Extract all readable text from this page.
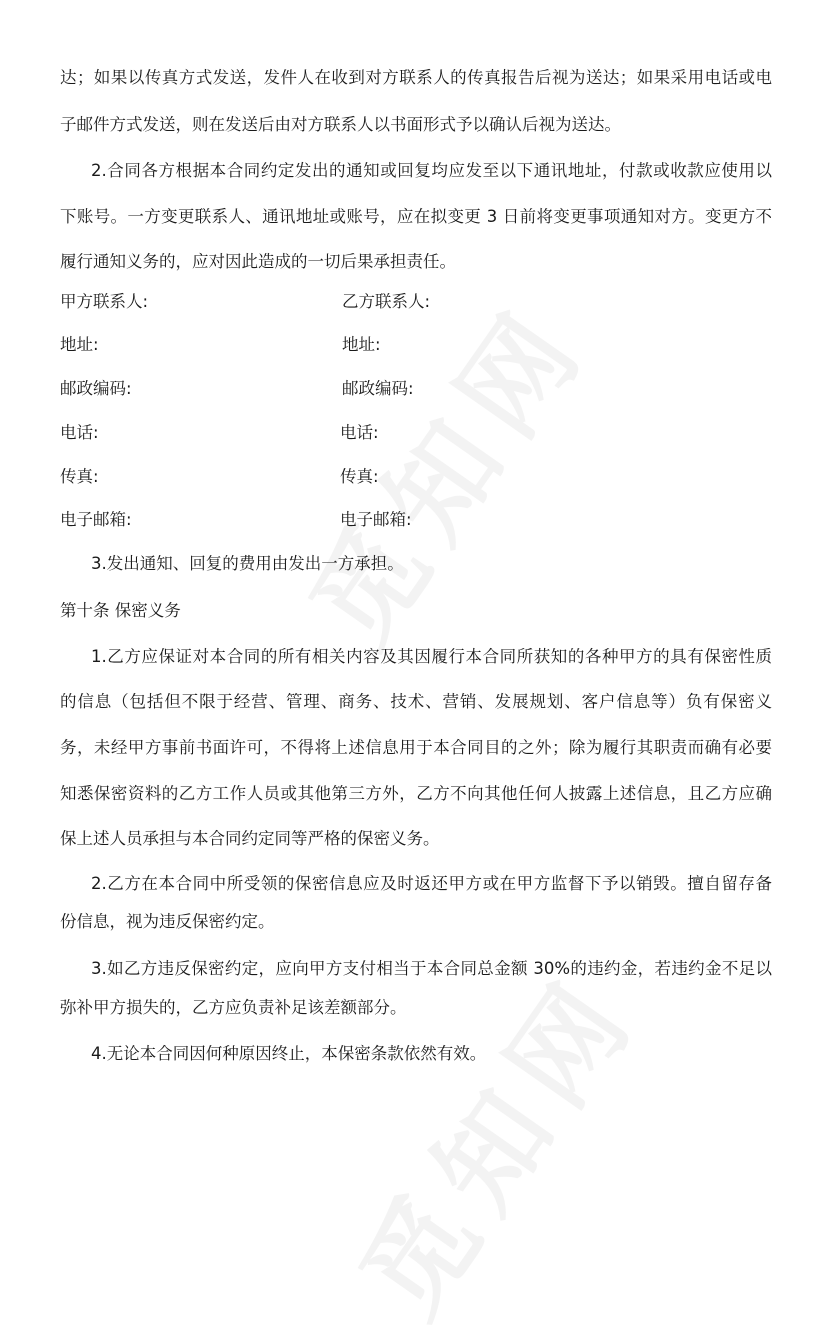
达；如果以传真方式发送，发件人在收到对方联系人的传真报告后视为送达；如果采用电话或电
子邮件方式发送，则在发送后由对方联系人以书面形式予以确认后视为送达。
2.合同各方根据本合同约定发出的通知或回复均应发至以下通讯地址，付款或收款应使用以
下账号。一方变更联系人、通讯地址或账号，应在拟变更 3 日前将变更事项通知对方。变更方不
履行通知义务的，应对因此造成的一切后果承担责任。
甲方联系人:
地址:
邮政编码:
电话:
传真:
电子邮箱:
乙方联系人:
地址:
邮政编码:
电话:
传真:
电子邮箱:
3.发出通知、回复的费用由发出一方承担。
第十条 保密义务
1.乙方应保证对本合同的所有相关内容及其因履行本合同所获知的各种甲方的具有保密性质
的信息（包括但不限于经营、管理、商务、技术、营销、发展规划、客户信息等）负有保密义
务，未经甲方事前书面许可，不得将上述信息用于本合同目的之外；除为履行其职责而确有必要
知悉保密资料的乙方工作人员或其他第三方外，乙方不向其他任何人披露上述信息，且乙方应确
保上述人员承担与本合同约定同等严格的保密义务。
2.乙方在本合同中所受领的保密信息应及时返还甲方或在甲方监督下予以销毁。擅自留存备
份信息，视为违反保密约定。
3.如乙方违反保密约定，应向甲方支付相当于本合同总金额 30%的违约金，若违约金不足以
弥补甲方损失的，乙方应负责补足该差额部分。
4.无论本合同因何种原因终止，本保密条款依然有效。
